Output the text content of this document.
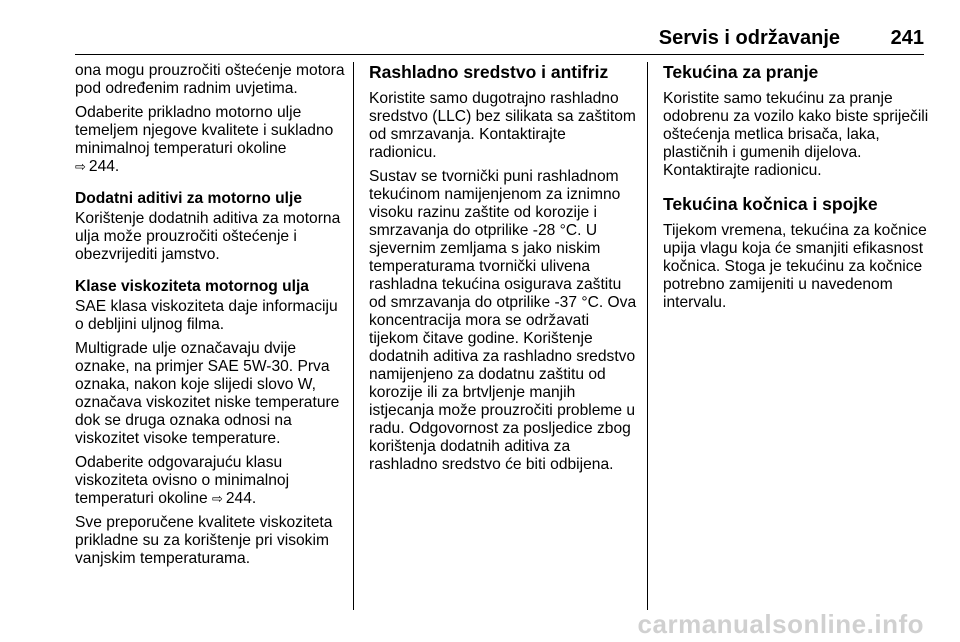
Servis i održavanje	241

ona mogu prouzročiti oštećenje motora pod određenim radnim uvjetima.

Odaberite prikladno motorno ulje temeljem njegove kvalitete i sukladno minimalnoj temperaturi okoline
⇨ 244.

Dodatni aditivi za motorno ulje

Korištenje dodatnih aditiva za motorna ulja može prouzročiti oštećenje i obezvrijediti jamstvo.

Klase viskoziteta motornog ulja

SAE klasa viskoziteta daje informaciju o debljini uljnog filma.

Multigrade ulje označavaju dvije oznake, na primjer SAE 5W-30. Prva oznaka, nakon koje slijedi slovo W, označava viskozitet niske temperature dok se druga oznaka odnosi na viskozitet visoke temperature.

Odaberite odgovarajuću klasu viskoziteta ovisno o minimalnoj temperaturi okoline ⇨ 244.

Sve preporučene kvalitete viskoziteta prikladne su za korištenje pri visokim vanjskim temperaturama.

Rashladno sredstvo i antifriz

Koristite samo dugotrajno rashladno sredstvo (LLC) bez silikata sa zaštitom od smrzavanja. Kontaktirajte radionicu.

Sustav se tvornički puni rashladnom tekućinom namijenjenom za iznimno visoku razinu zaštite od korozije i smrzavanja do otprilike -28 °C. U sjevernim zemljama s jako niskim temperaturama tvornički ulivena rashladna tekućina osigurava zaštitu od smrzavanja do otprilike -37 °C. Ova koncentracija mora se održavati tijekom čitave godine. Korištenje dodatnih aditiva za rashladno sredstvo namijenjeno za dodatnu zaštitu od korozije ili za brtvljenje manjih istjecanja može prouzročiti probleme u radu. Odgovornost za posljedice zbog korištenja dodatnih aditiva za rashladno sredstvo će biti odbijena.

Tekućina za pranje

Koristite samo tekućinu za pranje odobrenu za vozilo kako biste spriječili oštećenja metlica brisača, laka, plastičnih i gumenih dijelova. Kontaktirajte radionicu.

Tekućina kočnica i spojke

Tijekom vremena, tekućina za kočnice upija vlagu koja će smanjiti efikasnost kočnica. Stoga je tekućinu za kočnice potrebno zamijeniti u navedenom intervalu.

carmanualsonline.info
